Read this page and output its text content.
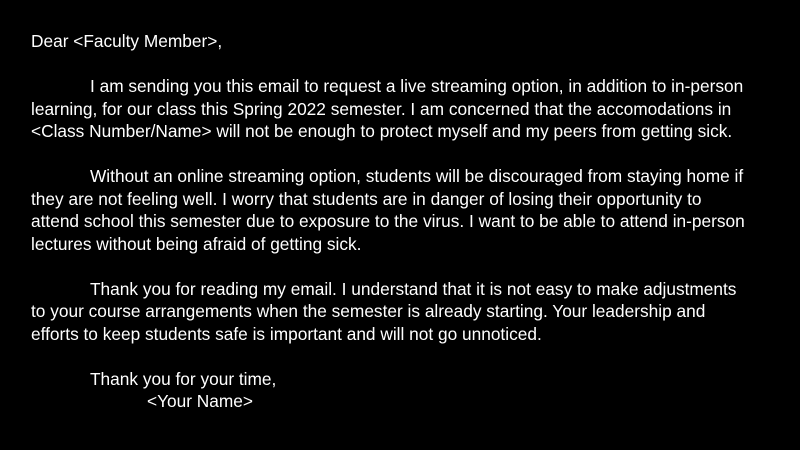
Dear <Faculty Member>,

I am sending you this email to request a live streaming option, in addition to in-person
learning, for our class this Spring 2022 semester. I am concerned that the accomodations in
<Class Number/Name> will not be enough to protect myself and my peers from getting sick.

Without an online streaming option, students will be discouraged from staying home if
they are not feeling well. I worry that students are in danger of losing their opportunity to
attend school this semester due to exposure to the virus. I want to be able to attend in-person
lectures without being afraid of getting sick.

Thank you for reading my email. I understand that it is not easy to make adjustments
to your course arrangements when the semester is already starting. Your leadership and
efforts to keep students safe is important and will not go unnoticed.

Thank you for your time,

<Your Name>
